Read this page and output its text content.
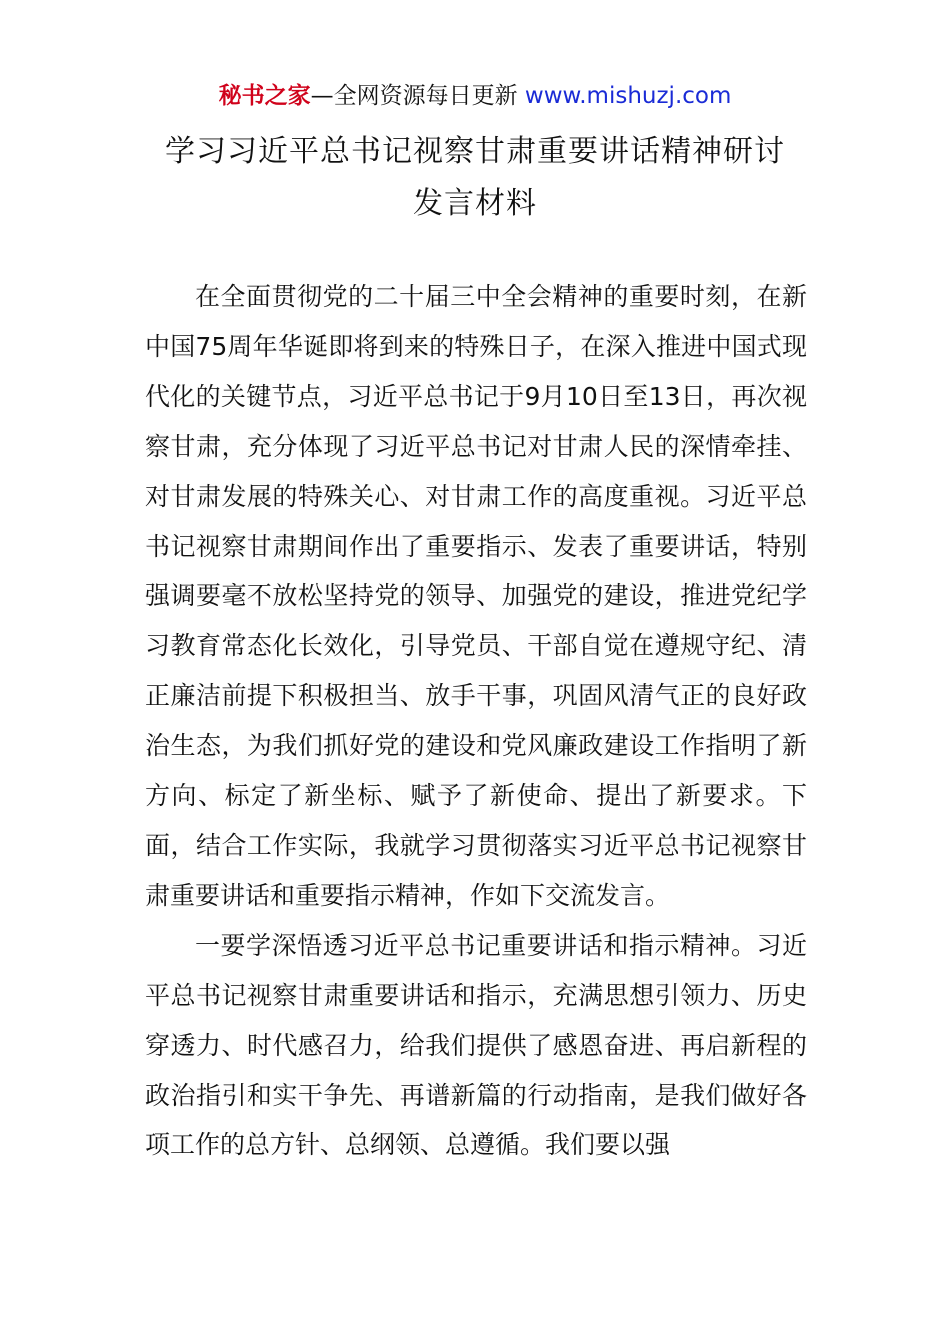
秘书之家—全网资源每日更新 www.mishuzj.com
学习习近平总书记视察甘肃重要讲话精神研讨
发言材料

在全面贯彻党的二十届三中全会精神的重要时刻，在新中国75周年华诞即将到来的特殊日子，在深入推进中国式现代化的关键节点，习近平总书记于9月10日至13日，再次视察甘肃，充分体现了习近平总书记对甘肃人民的深情牵挂、对甘肃发展的特殊关心、对甘肃工作的高度重视。习近平总书记视察甘肃期间作出了重要指示、发表了重要讲话，特别强调要毫不放松坚持党的领导、加强党的建设，推进党纪学习教育常态化长效化，引导党员、干部自觉在遵规守纪、清正廉洁前提下积极担当、放手干事，巩固风清气正的良好政治生态，为我们抓好党的建设和党风廉政建设工作指明了新方向、标定了新坐标、赋予了新使命、提出了新要求。下面，结合工作实际，我就学习贯彻落实习近平总书记视察甘肃重要讲话和重要指示精神，作如下交流发言。

一要学深悟透习近平总书记重要讲话和指示精神。习近平总书记视察甘肃重要讲话和指示，充满思想引领力、历史穿透力、时代感召力，给我们提供了感恩奋进、再启新程的政治指引和实干争先、再谱新篇的行动指南，是我们做好各项工作的总方针、总纲领、总遵循。我们要以强
